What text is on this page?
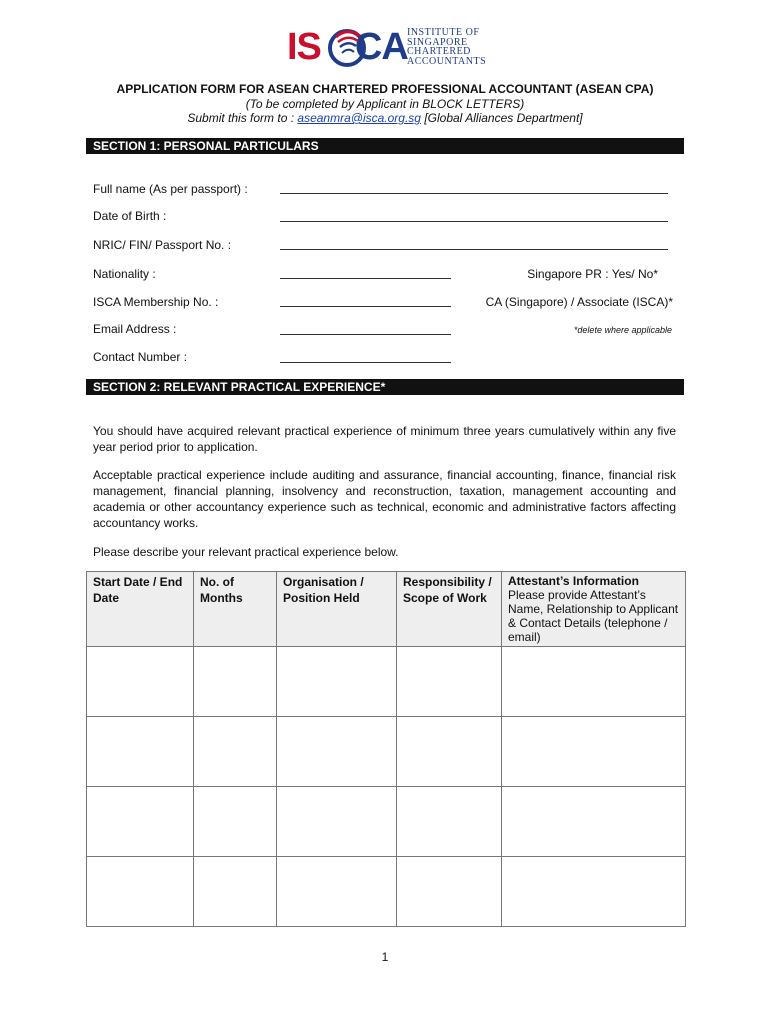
IS CA INSTITUTE OF
SINGAPORE
CHARTERED
ACCOUNTANTS
APPLICATION FORM FOR ASEAN CHARTERED PROFESSIONAL ACCOUNTANT (ASEAN CPA)
(To be completed by Applicant in BLOCK LETTERS)
Submit this form to : aseanmra@isca.org.sg [Global Alliances Department]
SECTION 1: PERSONAL PARTICULARS
Full name (As per passport) :
Date of Birth :
NRIC/ FIN/ Passport No. :
Nationality :	Singapore PR : Yes/ No*
ISCA Membership No. :	CA (Singapore) / Associate (ISCA)*
Email Address :	*delete where applicable
Contact Number :
SECTION 2: RELEVANT PRACTICAL EXPERIENCE*
You should have acquired relevant practical experience of minimum three years cumulatively within any five year period prior to application.
Acceptable practical experience include auditing and assurance, financial accounting, finance, financial risk management, financial planning, insolvency and reconstruction, taxation, management accounting and academia or other accountancy experience such as technical, economic and administrative factors affecting accountancy works.
Please describe your relevant practical experience below.
Start Date / End Date	No. of Months	Organisation / Position Held	Responsibility / Scope of Work	Attestant’s Information
Please provide Attestant’s Name, Relationship to Applicant & Contact Details (telephone / email)

1
